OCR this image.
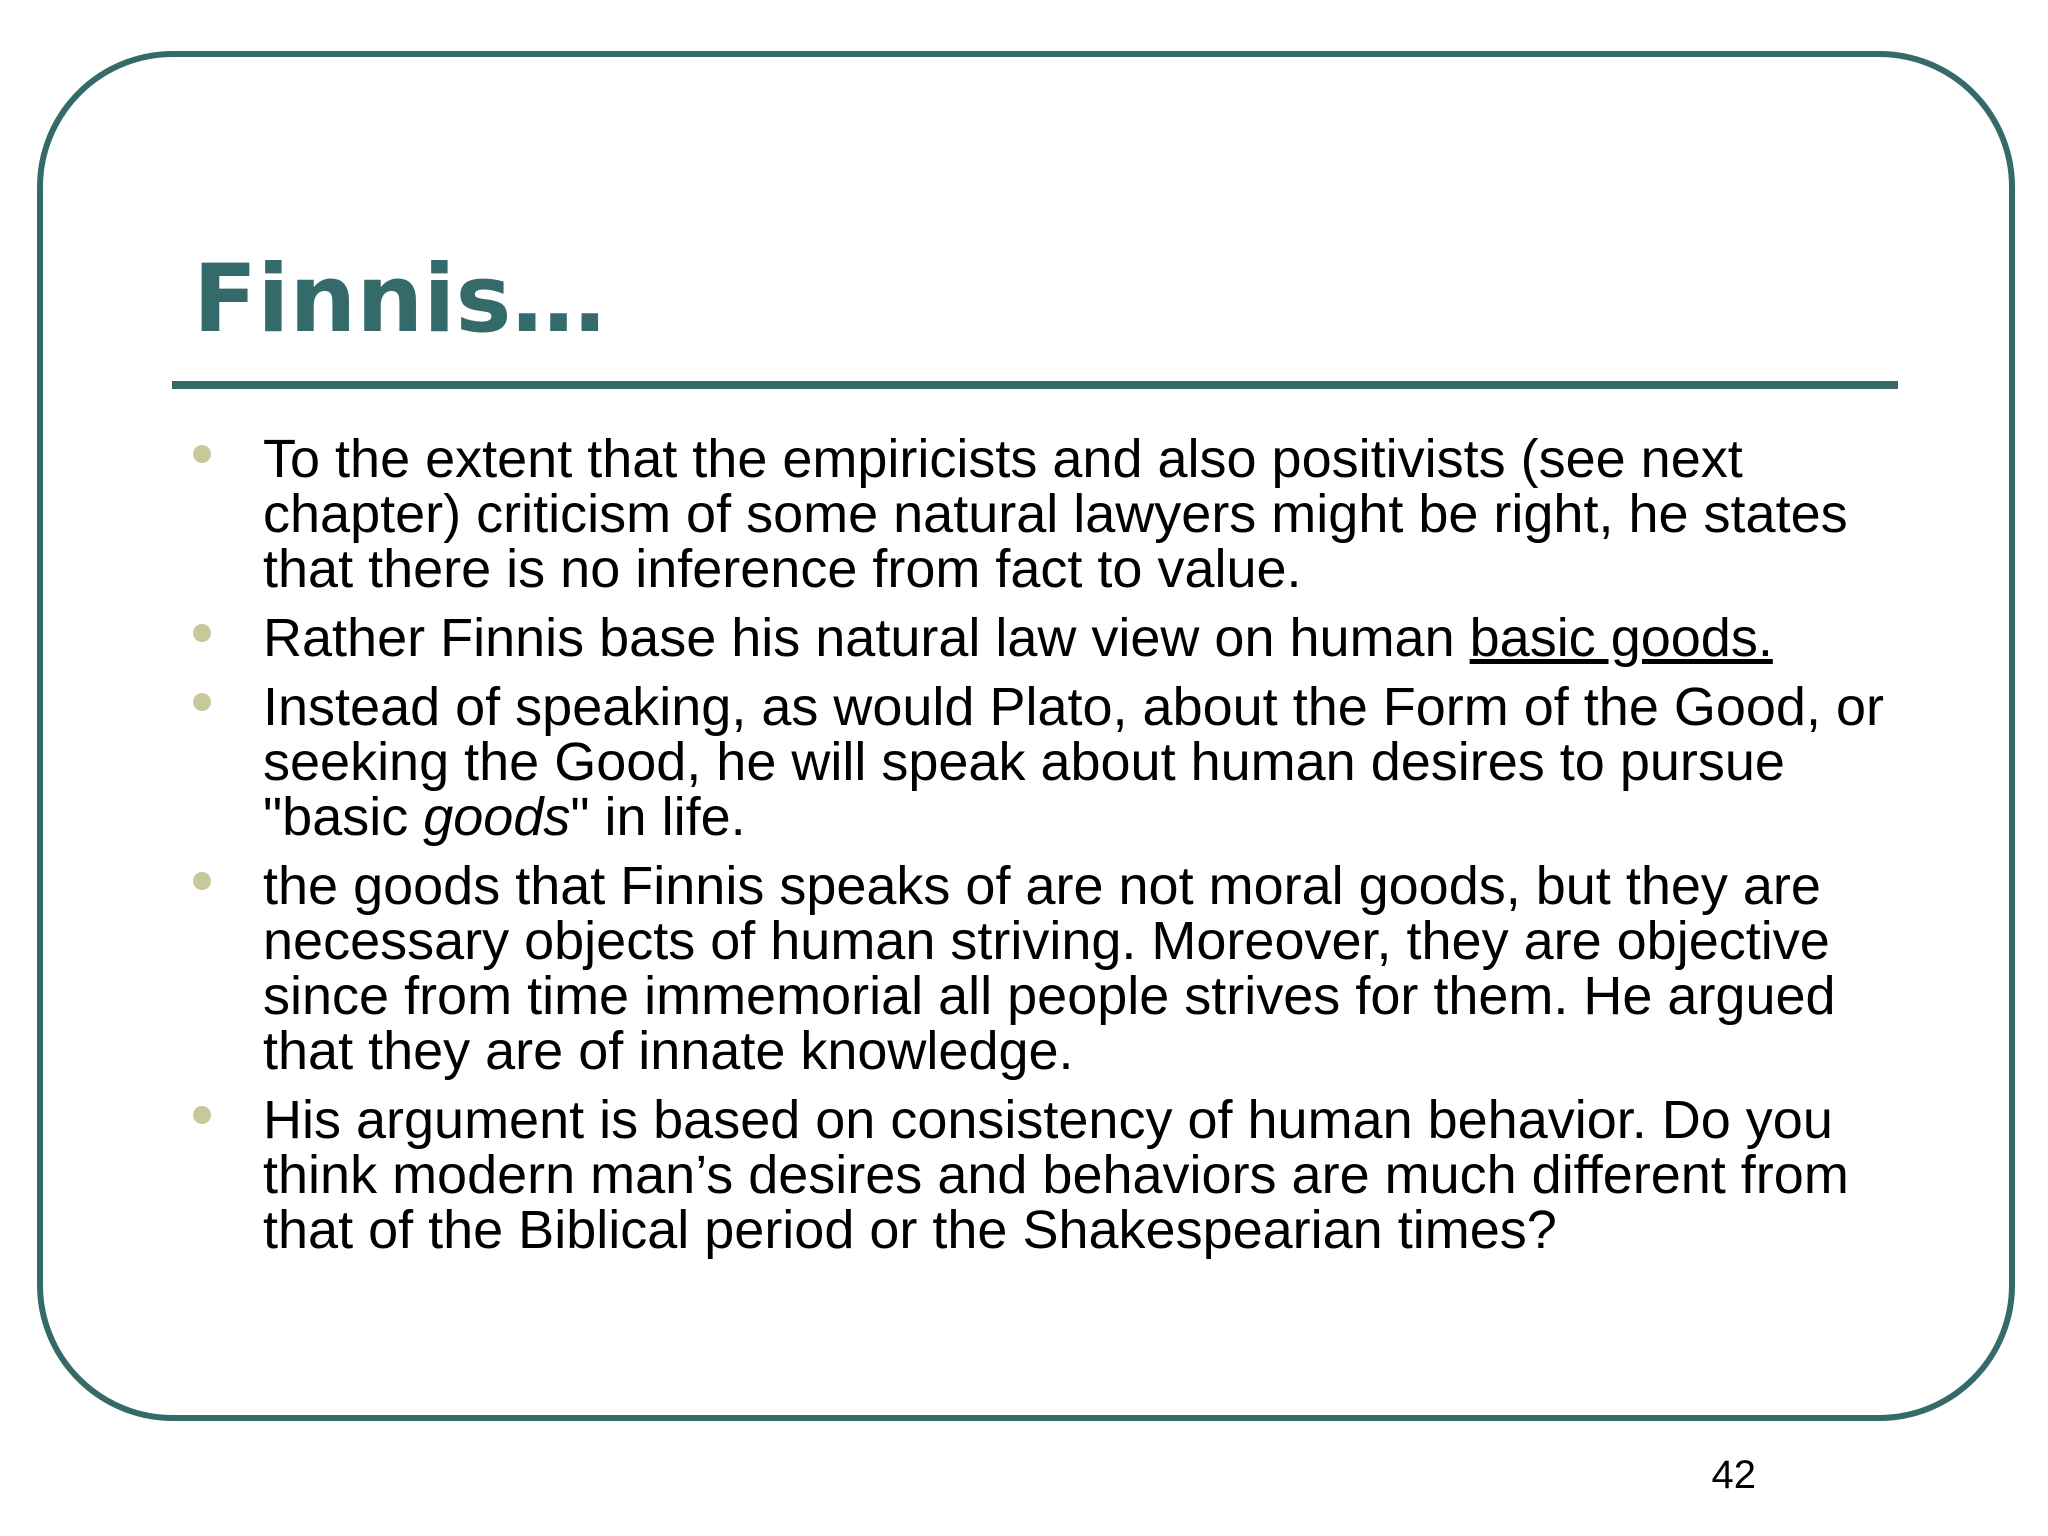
Finnis…
To the extent that the empiricists and also positivists (see next chapter) criticism of some natural lawyers might be right, he states that there is no inference from fact to value.
Rather Finnis base his natural law view on human basic goods.
Instead of speaking, as would Plato, about the Form of the Good, or seeking the Good, he will speak about human desires to pursue "basic goods" in life.
the goods that Finnis speaks of are not moral goods, but they are necessary objects of human striving. Moreover, they are objective since from time immemorial all people strives for them. He argued that they are of innate knowledge.
His argument is based on consistency of human behavior. Do you think modern man’s desires and behaviors are much different from that of the Biblical period or the Shakespearian times?
42
